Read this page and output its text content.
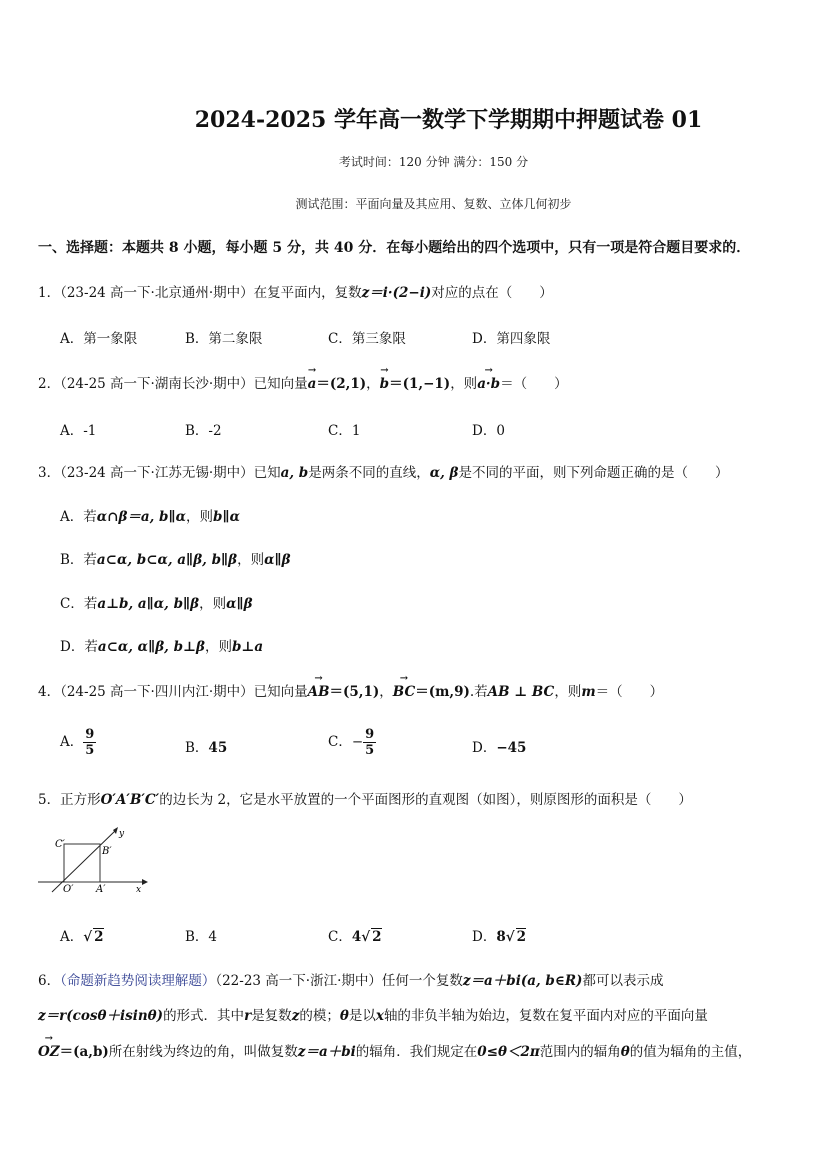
2024-2025 学年高一数学下学期期中押题试卷 01
考试时间：120 分钟 满分：150 分
测试范围：平面向量及其应用、复数、立体几何初步
一、选择题：本题共 8 小题，每小题 5 分，共 40 分．在每小题给出的四个选项中，只有一项是符合题目要求的．
1．（23-24 高一下·北京通州·期中）在复平面内，复数z＝i·(2−i)对应的点在（　　）
A．第一象限	B．第二象限	C．第三象限	D．第四象限
2．（24-25 高一下·湖南长沙·期中）已知向量→ a＝(2,1)，→ b＝(1,−1)，则→ a·b＝（　　）
A．-1	B．-2	C．1	D．0
3．（23-24 高一下·江苏无锡·期中）已知a, b是两条不同的直线，α, β是不同的平面，则下列命题正确的是（　　）
A．若α∩β＝a, b∥α，则b∥α
B．若a⊂α, b⊂α, a∥β, b∥β，则α∥β
C．若a⊥b, a∥α, b∥β，则α∥β
D．若a⊂α, α∥β, b⊥β，则b⊥a
4．（24-25 高一下·四川内江·期中）已知向量→ AB＝(5,1)，→ BC＝(m,9).若AB ⊥ BC，则m＝（　　）
A． $\frac{9}{5}$	B．45	C．− $\frac{9}{5}$	D．−45
5．正方形O′A′B′C′的边长为 2，它是水平放置的一个平面图形的直观图（如图），则原图形的面积是（　　）
C′
B′
O′ A′	x
y
A．√ 2	B．4	C．4√ 2	D．8√ 2
6．（命题新趋势阅读理解题）（22-23 高一下·浙江·期中）任何一个复数z＝a＋bi(a, b∈R)都可以表示成
z＝r(cosθ＋isinθ)的形式．其中r是复数z的模；θ是以x轴的非负半轴为始边，复数在复平面内对应的平面向量
→ OZ＝(a,b)所在射线为终边的角，叫做复数z＝a＋bi的辐角．我们规定在0≤θ＜2π范围内的辐角θ的值为辐角的主值，
